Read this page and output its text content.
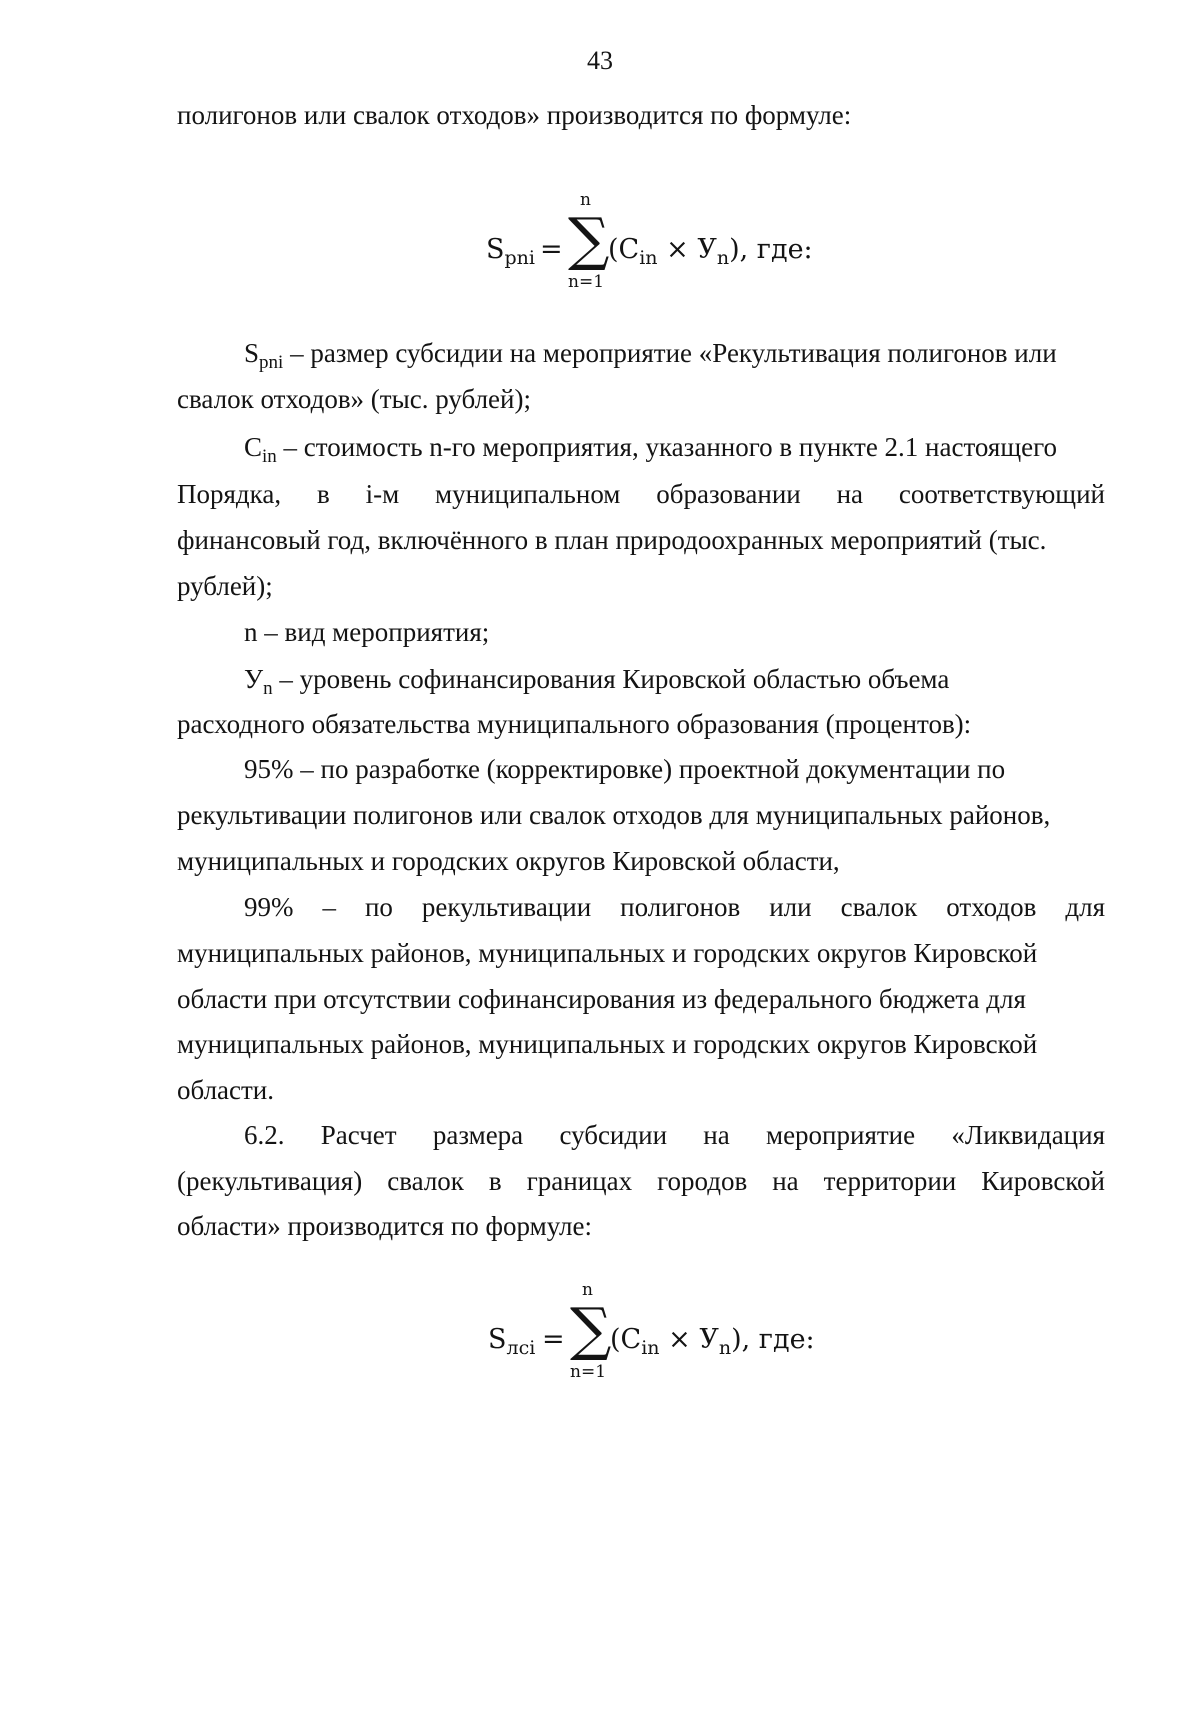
43
полигонов или свалок отходов» производится по формуле:
$S_{pni}$ =
n
∑
n=1
$(C_{in} \times У_n)$, где:
$S_{pni}$ – размер субсидии на мероприятие «Рекультивация полигонов или
свалок отходов» (тыс. рублей);
$C_{in}$ – стоимость n-го мероприятия, указанного в пункте 2.1 настоящего
Порядка, в i-м муниципальном образовании на соответствующий
финансовый год, включённого в план природоохранных мероприятий (тыс.
рублей);
n – вид мероприятия;
$У_n$ – уровень софинансирования Кировской областью объема
расходного обязательства муниципального образования (процентов):
95% – по разработке (корректировке) проектной документации по
рекультивации полигонов или свалок отходов для муниципальных районов,
муниципальных и городских округов Кировской области,
99% – по рекультивации полигонов или свалок отходов для
муниципальных районов, муниципальных и городских округов Кировской
области при отсутствии софинансирования из федерального бюджета для
муниципальных районов, муниципальных и городских округов Кировской
области.
6.2. Расчет размера субсидии на мероприятие «Ликвидация
(рекультивация) свалок в границах городов на территории Кировской
области» производится по формуле:
$S_{лci}$ =
n
∑
n=1
$(C_{in} \times У_n)$, где:
